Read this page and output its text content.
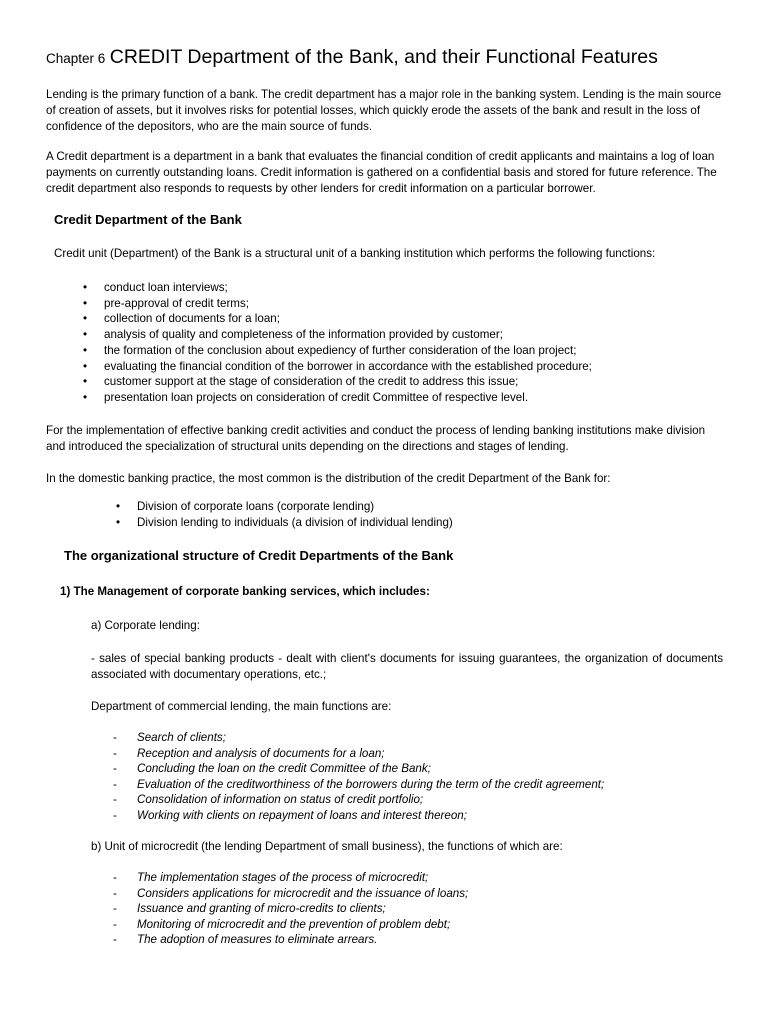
Chapter 6 CREDIT Department of the Bank, and their Functional Features

Lending is the primary function of a bank. The credit department has a major role in the banking system. Lending is the main source of creation of assets, but it involves risks for potential losses, which quickly erode the assets of the bank and result in the loss of confidence of the depositors, who are the main source of funds.

A Credit department is a department in a bank that evaluates the financial condition of credit applicants and maintains a log of loan payments on currently outstanding loans. Credit information is gathered on a confidential basis and stored for future reference. The credit department also responds to requests by other lenders for credit information on a particular borrower.

Credit Department of the Bank

Credit unit (Department) of the Bank is a structural unit of a banking institution which performs the following functions:

• conduct loan interviews;
• pre-approval of credit terms;
• collection of documents for a loan;
• analysis of quality and completeness of the information provided by customer;
• the formation of the conclusion about expediency of further consideration of the loan project;
• evaluating the financial condition of the borrower in accordance with the established procedure;
• customer support at the stage of consideration of the credit to address this issue;
• presentation loan projects on consideration of credit Committee of respective level.

For the implementation of effective banking credit activities and conduct the process of lending banking institutions make division and introduced the specialization of structural units depending on the directions and stages of lending.

In the domestic banking practice, the most common is the distribution of the credit Department of the Bank for:

• Division of corporate loans (corporate lending)
• Division lending to individuals (a division of individual lending)
The organizational structure of Credit Departments of the Bank
1) The Management of corporate banking services, which includes:

a) Corporate lending:

- sales of special banking products - dealt with client's documents for issuing guarantees, the organization of documents associated with documentary operations, etc.;

Department of commercial lending, the main functions are:

- Search of clients;
- Reception and analysis of documents for a loan;
- Concluding the loan on the credit Committee of the Bank;
- Evaluation of the creditworthiness of the borrowers during the term of the credit agreement;
- Consolidation of information on status of credit portfolio;
- Working with clients on repayment of loans and interest thereon;

b) Unit of microcredit (the lending Department of small business), the functions of which are:

- The implementation stages of the process of microcredit;
- Considers applications for microcredit and the issuance of loans;
- Issuance and granting of micro-credits to clients;
- Monitoring of microcredit and the prevention of problem debt;
- The adoption of measures to eliminate arrears.
